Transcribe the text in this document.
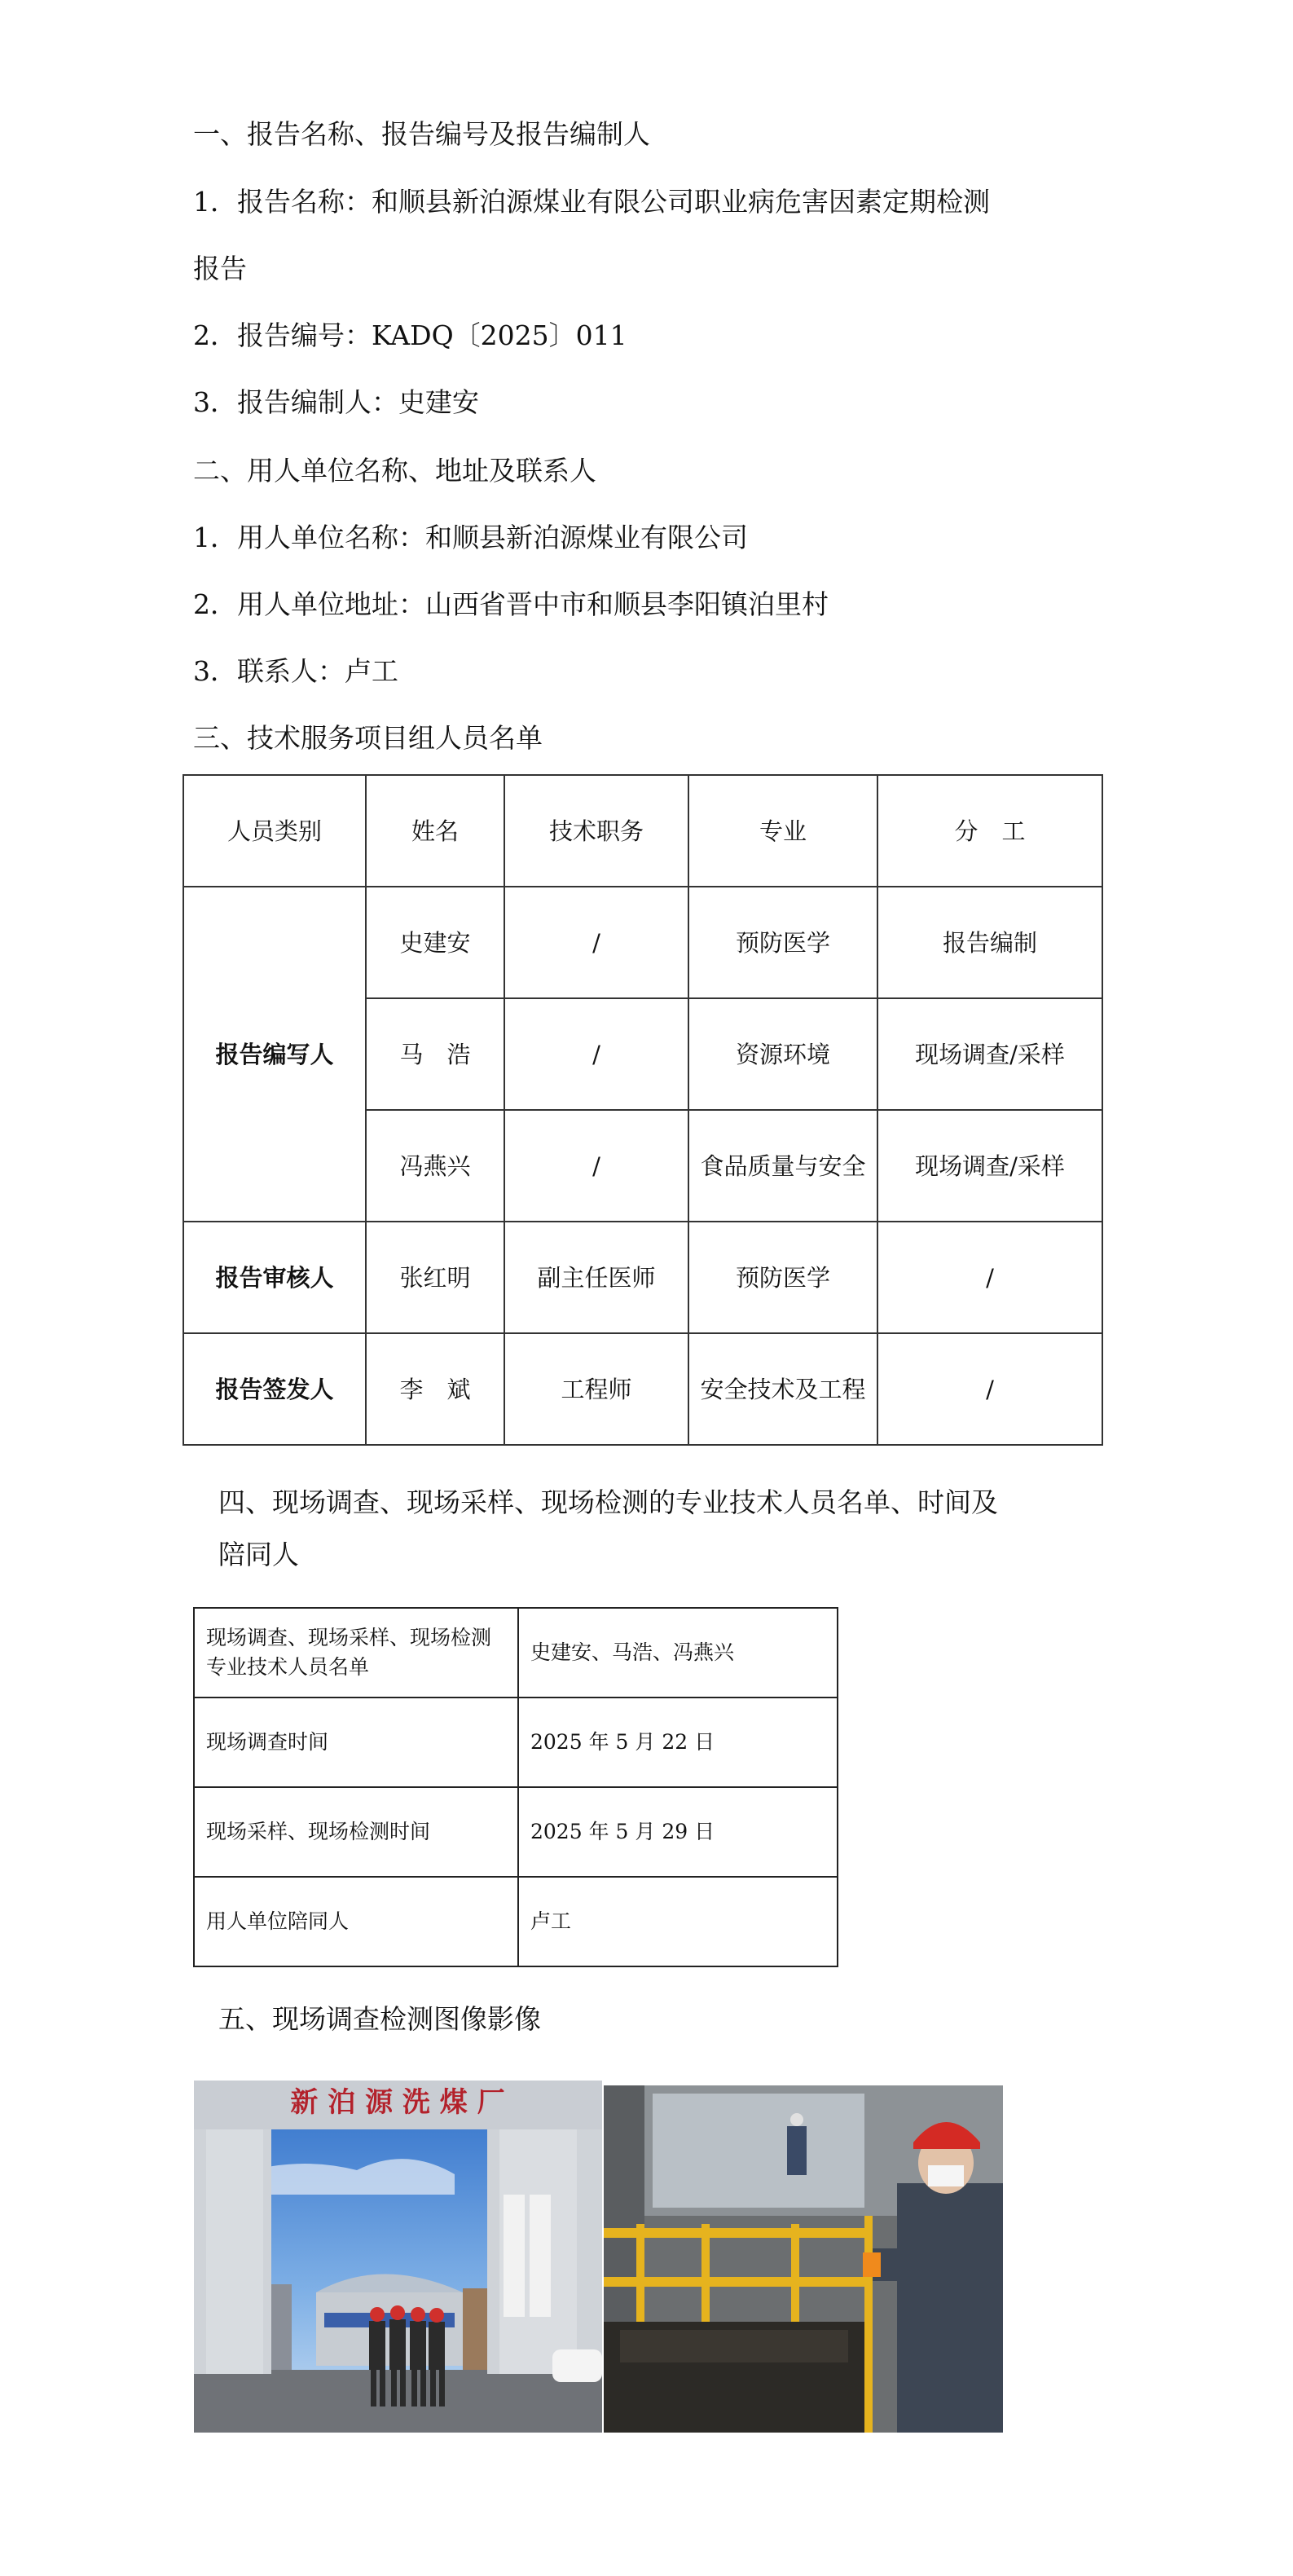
一、报告名称、报告编号及报告编制人
1．报告名称：和顺县新泊源煤业有限公司职业病危害因素定期检测
报告
2．报告编号：KADQ〔2025〕011
3．报告编制人：史建安
二、用人单位名称、地址及联系人
1．用人单位名称：和顺县新泊源煤业有限公司
2．用人单位地址：山西省晋中市和顺县李阳镇泊里村
3．联系人：卢工
三、技术服务项目组人员名单
人员类别	姓名	技术职务	专业	分　工
报告编写人	史建安	/	预防医学	报告编制
	马　浩	/	资源环境	现场调查/采样
	冯燕兴	/	食品质量与安全	现场调查/采样
报告审核人	张红明	副主任医师	预防医学	/
报告签发人	李　斌	工程师	安全技术及工程	/
四、现场调查、现场采样、现场检测的专业技术人员名单、时间及
陪同人
现场调查、现场采样、现场检测专业技术人员名单	史建安、马浩、冯燕兴
现场调查时间	2025 年 5 月 22 日
现场采样、现场检测时间	2025 年 5 月 29 日
用人单位陪同人	卢工
五、现场调查检测图像影像
新 泊 源 洗 煤 厂
